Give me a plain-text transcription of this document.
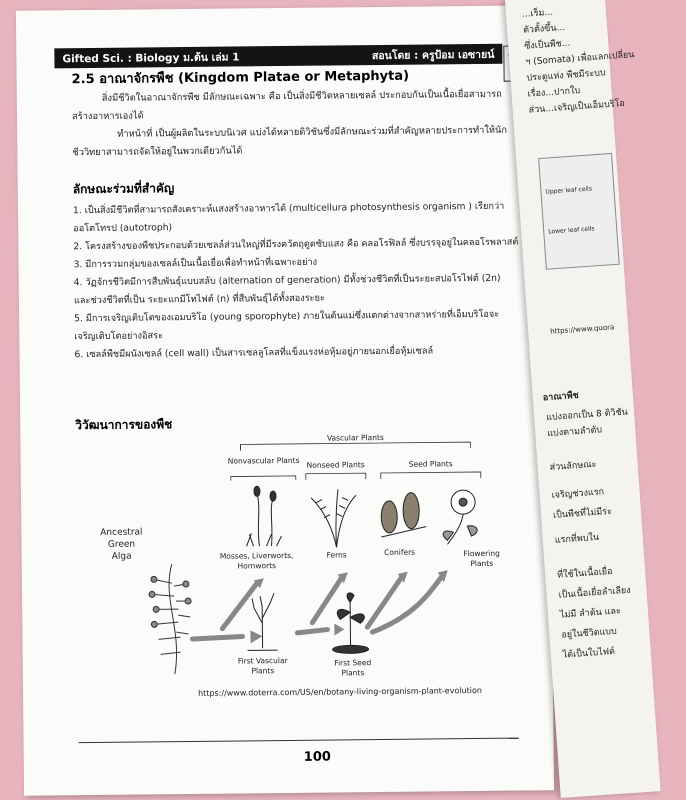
Gifted Sci. : Biology ม.ต้น เล่ม 1	สอนโดย : ครูป้อม เอซายน์
2.5 อาณาจักรพืช (Kingdom Platae or Metaphyta)
สิ่งมีชีวิตในอาณาจักรพืช มีลักษณะเฉพาะ คือ เป็นสิ่งมีชีวิตหลายเซลล์ ประกอบกันเป็นเนื้อเยื่อสามารถสร้างอาหารเองได้
ทำหน้าที่ เป็นผู้ผลิตในระบบนิเวศ แบ่งได้หลายดิวิชันซึ่งมีลักษณะร่วมที่สำคัญหลายประการทำให้นักชีววิทยาสามารถจัดให้อยู่ในพวกเดียวกันได้
ลักษณะร่วมที่สำคัญ
1. เป็นสิ่งมีชีวิตที่สามารถสังเคราะห์แสงสร้างอาหารได้ (multicellura photosynthesis organism ) เรียกว่า ออโตโทรป (autotroph)
2. โครงสร้างของพืชประกอบด้วยเซลล์ส่วนใหญ่ที่มีรงควัตถุดูดซับแสง คือ คลอโรฟิลล์ ซึ่งบรรจุอยู่ในคลอโรพลาสต์
3. มีการรวมกลุ่มของเซลล์เป็นเนื้อเยื่อเพื่อทำหน้าที่เฉพาะอย่าง
4. วัฏจักรชีวิตมีการสืบพันธุ์แบบสลับ (alternation of generation) มีทั้งช่วงชีวิตที่เป็นระยะสปอโรไฟต์ (2n) และช่วงชีวิตที่เป็น ระยะแกมีโทไฟต์ (n) ที่สืบพันธุ์ได้ทั้งสองระยะ
5. มีการเจริญเติบโตของเอมบริโอ (young sporophyte) ภายในต้นแม่ซึ่งแตกต่างจากสาหร่ายที่เอ็มบริโอจะเจริญเติบโตอย่างอิสระ
6. เซลล์พืชมีผนังเซลล์ (cell wall) เป็นสารเซลลูโลสที่แข็งแรงห่อหุ้มอยู่ภายนอกเยื่อหุ้มเซลล์
วิวัฒนาการของพืช
Vascular Plants
Nonvascular Plants Nonseed Plants	Seed Plants
Mosses, Liverworts,
Hornworts
Ferns	Conifers	Flowering
Plants
Ancestral
Green
Alga
First Vascular
Plants
First Seed
Plants
https://www.doterra.com/US/en/botany-living-organism-plant-evolution
100
...เร็ม...
ตัวตั้งขึ้น...
ซึ่งเป็นพืช...
ฯ (Somata) เพื่อแลกเปลี่ยน
ประตูแห่ง พืชมีระบบ
เรื่อง...ปากใบ
ส่วน...เจริญเป็นเอ็มบริโอ
Upper leaf cells
Lower leaf cells
https://www.quora
อาณาพืช
แบ่งออกเป็น 8 ดิวิชัน
แบ่งตามลำดับ
ส่วนลักษณะ
เจริญช่วงแรก
เป็นพืชที่ไม่มีระ
แรกที่พบใน
ที่ใช้ในเนื้อเยื่อ
เป็นเนื้อเยื่อลำเลียง
ไม่มี ลำต้น และ
อยู่ในชีวิตแบบ
ได้เป็นใบไฟต์
